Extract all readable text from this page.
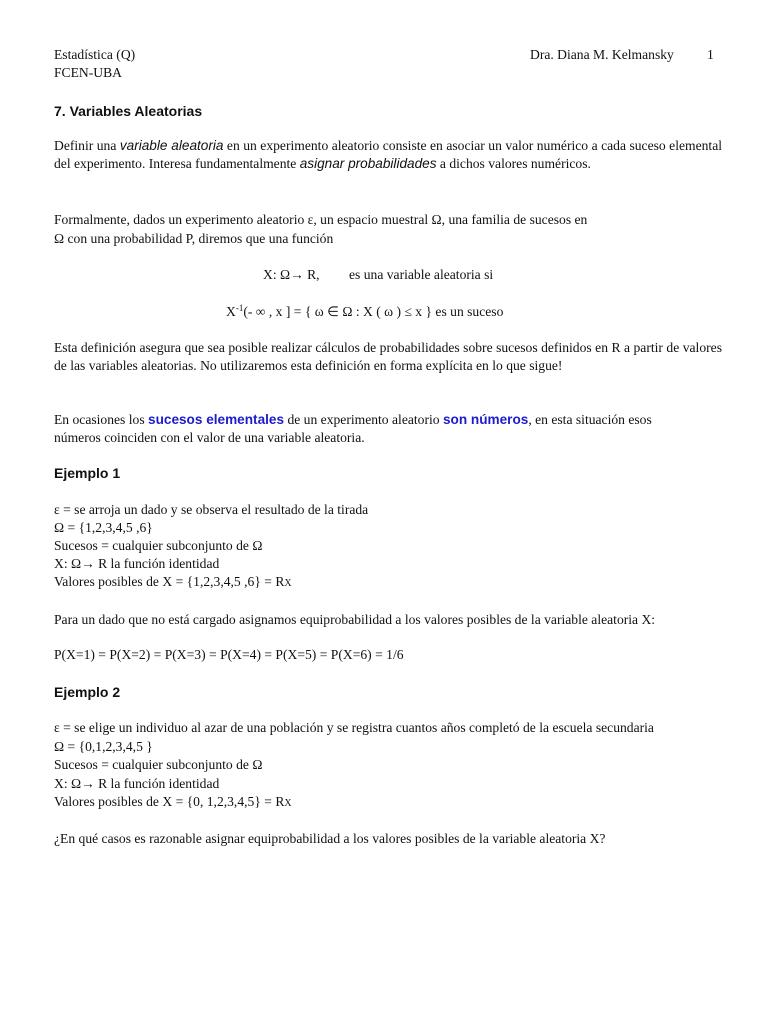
Estadística (Q)
FCEN-UBA
Dra. Diana M. Kelmansky 1
7. Variables Aleatorias
Definir una variable aleatoria en un experimento aleatorio consiste en asociar un valor numérico a cada suceso elemental del experimento. Interesa fundamentalmente asignar probabilidades a dichos valores numéricos.
Formalmente, dados un experimento aleatorio ε, un espacio muestral Ω, una familia de sucesos en
Ω con una probabilidad P, diremos que una función
X: Ω→ R, es una variable aleatoria si
$X^{-1}(-$ ∞ , x ] = { ω ∈ Ω : X ( ω ) ≤ x } es un suceso
Esta definición asegura que sea posible realizar cálculos de probabilidades sobre sucesos definidos en R a partir de valores de las variables aleatorias. No utilizaremos esta definición en forma explícita en lo que sigue!
En ocasiones los sucesos elementales de un experimento aleatorio son números, en esta situación esos
números coinciden con el valor de una variable aleatoria.
Ejemplo 1
ε = se arroja un dado y se observa el resultado de la tirada
Ω = {1,2,3,4,5 ,6}
Sucesos = cualquier subconjunto de Ω
X: Ω→ R la función identidad
Valores posibles de X = {1,2,3,4,5 ,6} = RX
Para un dado que no está cargado asignamos equiprobabilidad a los valores posibles de la variable aleatoria X:
P(X=1) = P(X=2) = P(X=3) = P(X=4) = P(X=5) = P(X=6) = 1/6
Ejemplo 2
ε = se elige un individuo al azar de una población y se registra cuantos años completó de la escuela secundaria
Ω = {0,1,2,3,4,5 }
Sucesos = cualquier subconjunto de Ω
X: Ω→ R la función identidad
Valores posibles de X = {0, 1,2,3,4,5} = RX
¿En qué casos es razonable asignar equiprobabilidad a los valores posibles de la variable aleatoria X?
